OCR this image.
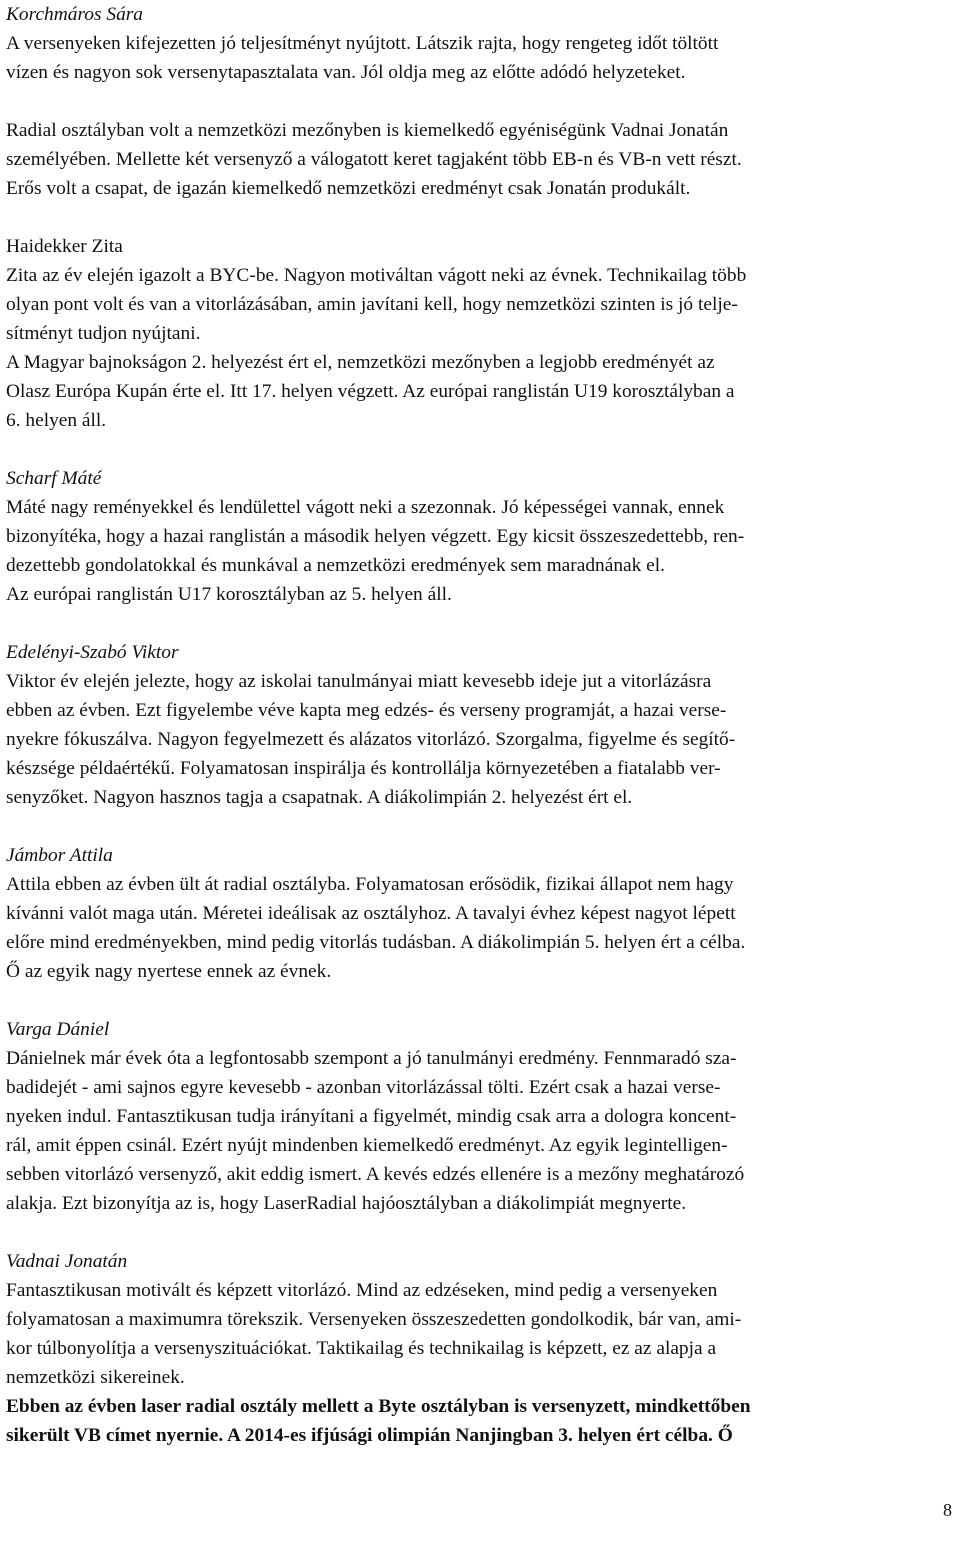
Korchmáros Sára

A versenyeken kifejezetten jó teljesítményt nyújtott. Látszik rajta, hogy rengeteg időt töltött

vízen és nagyon sok versenytapasztalata van. Jól oldja meg az előtte adódó helyzeteket.

Radial osztályban volt a nemzetközi mezőnyben is kiemelkedő egyéniségünk Vadnai Jonatán

személyében. Mellette két versenyző a válogatott keret tagjaként több EB-n és VB-n vett részt.

Erős volt a csapat, de igazán kiemelkedő nemzetközi eredményt csak Jonatán produkált.

Haidekker Zita

Zita az év elején igazolt a BYC-be. Nagyon motiváltan vágott neki az évnek. Technikailag több

olyan pont volt és van a vitorlázásában, amin javítani kell, hogy nemzetközi szinten is jó telje-

sítményt tudjon nyújtani.

A Magyar bajnokságon 2. helyezést ért el, nemzetközi mezőnyben a legjobb eredményét az

Olasz Európa Kupán érte el. Itt 17. helyen végzett. Az európai ranglistán U19 korosztályban a

6. helyen áll.

Scharf Máté

Máté nagy reményekkel és lendülettel vágott neki a szezonnak. Jó képességei vannak, ennek

bizonyítéka, hogy a hazai ranglistán a második helyen végzett. Egy kicsit összeszedettebb, ren-

dezettebb gondolatokkal és munkával a nemzetközi eredmények sem maradnának el.

Az európai ranglistán U17 korosztályban az 5. helyen áll.

Edelényi-Szabó Viktor

Viktor év elején jelezte, hogy az iskolai tanulmányai miatt kevesebb ideje jut a vitorlázásra

ebben az évben. Ezt figyelembe véve kapta meg edzés- és verseny programját, a hazai verse-

nyekre fókuszálva. Nagyon fegyelmezett és alázatos vitorlázó. Szorgalma, figyelme és segítő-

készsége példaértékű. Folyamatosan inspirálja és kontrollálja környezetében a fiatalabb ver-

senyzőket. Nagyon hasznos tagja a csapatnak. A diákolimpián 2. helyezést ért el.

Jámbor Attila

Attila ebben az évben ült át radial osztályba. Folyamatosan erősödik, fizikai állapot nem hagy

kívánni valót maga után. Méretei ideálisak az osztályhoz. A tavalyi évhez képest nagyot lépett

előre mind eredményekben, mind pedig vitorlás tudásban. A diákolimpián 5. helyen ért a célba.

Ő az egyik nagy nyertese ennek az évnek.

Varga Dániel

Dánielnek már évek óta a legfontosabb szempont a jó tanulmányi eredmény. Fennmaradó sza-

badidejét - ami sajnos egyre kevesebb - azonban vitorlázással tölti. Ezért csak a hazai verse-

nyeken indul. Fantasztikusan tudja irányítani a figyelmét, mindig csak arra a dologra koncent-

rál, amit éppen csinál. Ezért nyújt mindenben kiemelkedő eredményt. Az egyik legintelligen-

sebben vitorlázó versenyző, akit eddig ismert. A kevés edzés ellenére is a mezőny meghatározó

alakja. Ezt bizonyítja az is, hogy LaserRadial hajóosztályban a diákolimpiát megnyerte.

Vadnai Jonatán

Fantasztikusan motivált és képzett vitorlázó. Mind az edzéseken, mind pedig a versenyeken

folyamatosan a maximumra törekszik. Versenyeken összeszedetten gondolkodik, bár van, ami-

kor túlbonyolítja a versenyszituációkat. Taktikailag és technikailag is képzett, ez az alapja a

nemzetközi sikereinek.

Ebben az évben laser radial osztály mellett a Byte osztályban is versenyzett, mindkettőben

sikerült VB címet nyernie. A 2014-es ifjúsági olimpián Nanjingban 3. helyen ért célba. Ő

8
